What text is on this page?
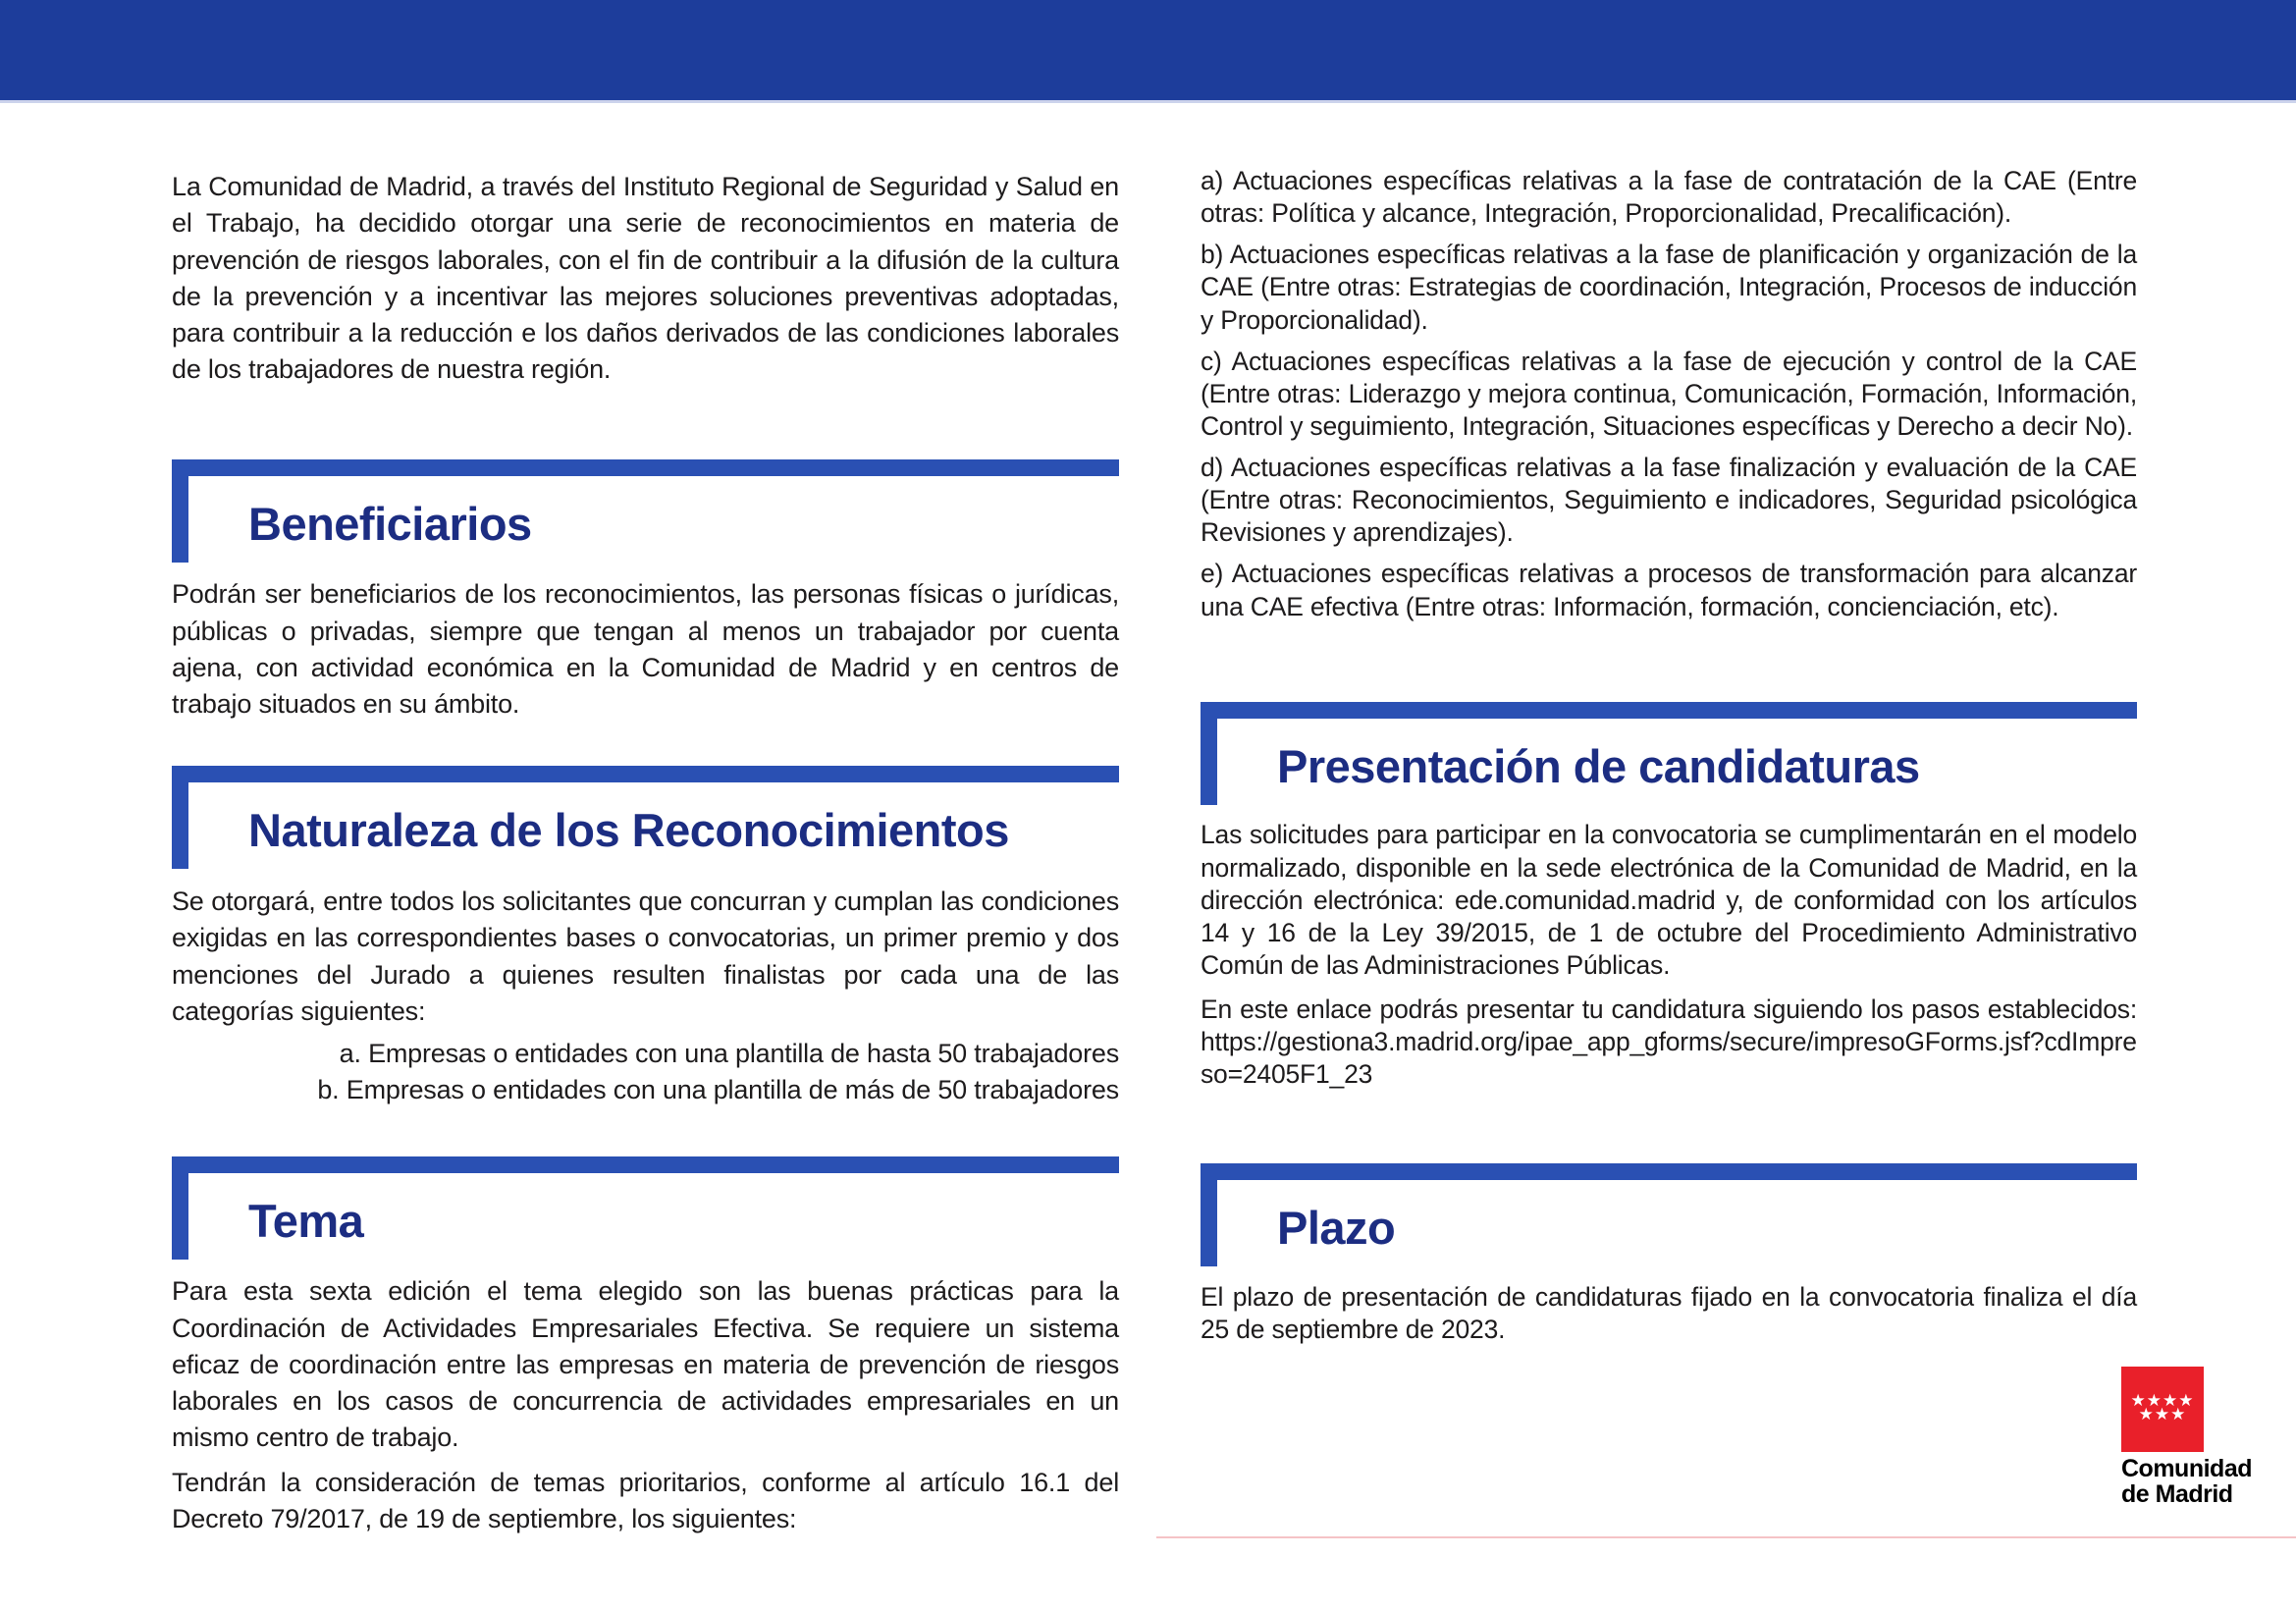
La Comunidad de Madrid, a través del Instituto Regional de Seguridad y Salud en el Trabajo, ha decidido otorgar una serie de reconocimientos en materia de prevención de riesgos laborales, con el fin de contribuir a la difusión de la cultura de la prevención y a incentivar las mejores soluciones preventivas adoptadas, para contribuir a la reducción e los daños derivados de las condiciones laborales de los trabajadores de nuestra región.

Beneficiarios

Podrán ser beneficiarios de los reconocimientos, las personas físicas o jurídicas, públicas o privadas, siempre que tengan al menos un trabajador por cuenta ajena, con actividad económica en la Comunidad de Madrid y en centros de trabajo situados en su ámbito.

Naturaleza de los Reconocimientos

Se otorgará, entre todos los solicitantes que concurran y cumplan las condiciones exigidas en las correspondientes bases o convocatorias, un primer premio y dos menciones del Jurado a quienes resulten finalistas por cada una de las categorías siguientes:

a. Empresas o entidades con una plantilla de hasta 50 trabajadores
b. Empresas o entidades con una plantilla de más de 50 trabajadores
Tema

Para esta sexta edición el tema elegido son las buenas prácticas para la Coordinación de Actividades Empresariales Efectiva. Se requiere un sistema eficaz de coordinación entre las empresas en materia de prevención de riesgos laborales en los casos de concurrencia de actividades empresariales en un mismo centro de trabajo.

Tendrán la consideración de temas prioritarios, conforme al artículo 16.1 del Decreto 79/2017, de 19 de septiembre, los siguientes:

a) Actuaciones específicas relativas a la fase de contratación de la CAE (Entre otras: Política y alcance, Integración, Proporcionalidad, Precalificación).

b) Actuaciones específicas relativas a la fase de planificación y organización de la CAE (Entre otras: Estrategias de coordinación, Integración, Procesos de inducción y Proporcionalidad).

c) Actuaciones específicas relativas a la fase de ejecución y control de la CAE (Entre otras: Liderazgo y mejora continua, Comunicación, Formación, Información, Control y seguimiento, Integración, Situaciones específicas y Derecho a decir No).

d) Actuaciones específicas relativas a la fase finalización y evaluación de la CAE (Entre otras: Reconocimientos, Seguimiento e indicadores, Seguridad psicológica Revisiones y aprendizajes).

e) Actuaciones específicas relativas a procesos de transformación para alcanzar una CAE efectiva (Entre otras: Información, formación, concienciación, etc).

Presentación de candidaturas

Las solicitudes para participar en la convocatoria se cumplimentarán en el modelo normalizado, disponible en la sede electrónica de la Comunidad de Madrid, en la dirección electrónica: ede.comunidad.madrid y, de conformidad con los artículos 14 y 16 de la Ley 39/2015, de 1 de octubre del Procedimiento Administrativo Común de las Administraciones Públicas.

En este enlace podrás presentar tu candidatura siguiendo los pasos establecidos: https://gestiona3.madrid.org/ipae_app_gforms/secure/impresoGForms.jsf?cdImpreso=2405F1_23

Plazo

El plazo de presentación de candidaturas fijado en la convocatoria finaliza el día 25 de septiembre de 2023.

★★★★
★★★
Comunidad
de Madrid
